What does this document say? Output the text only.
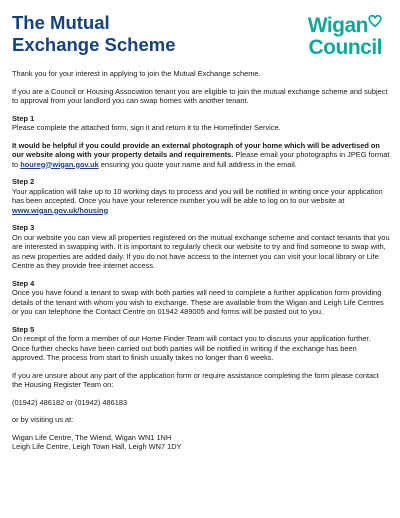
The Mutual
Exchange Scheme
Wigan
Council

Thank you for your interest in applying to join the Mutual Exchange scheme.

If you are a Council or Housing Association tenant you are eligible to join the mutual exchange scheme and subject to approval from your landlord you can swap homes with another tenant.

Step 1

Please complete the attached form, sign it and return it to the Homefinder Service.

It would be helpful if you could provide an external photograph of your home which will be advertised on our website along with your property details and requirements. Please email your photographs in JPEG format to houreg@wigan.gov.uk ensuring you quote your name and full address in the email.

Step 2

Your application will take up to 10 working days to process and you will be notified in writing once your application has been accepted. Once you have your reference number you will be able to log on to our website at www.wigan.gov.uk/housing

Step 3

On our website you can view all properties registered on the mutual exchange scheme and contact tenants that you are interested in swapping with. It is important to regularly check our website to try and find someone to swap with, as new properties are added daily. If you do not have access to the internet you can visit your local library or Life Centre as they provide free internet access.

Step 4

Once you have found a tenant to swap with both parties will need to complete a further application form providing details of the tenant with whom you wish to exchange. These are available from the Wigan and Leigh Life Centres or you can telephone the Contact Centre on 01942 489005 and forms will be posted out to you.

Step 5

On receipt of the form a member of our Home Finder Team will contact you to discuss your application further. Once further checks have been carried out both parties will be notified in writing if the exchange has been approved. The process from start to finish usually takes no longer than 6 weeks.

If you are unsure about any part of the application form or require assistance completing the form please contact the Housing Register Team on:

(01942) 486182 or (01942) 486183

or by visiting us at:

Wigan Life Centre, The Wiend, Wigan WN1 1NH

Leigh Life Centre, Leigh Town Hall, Leigh WN7 1DY
